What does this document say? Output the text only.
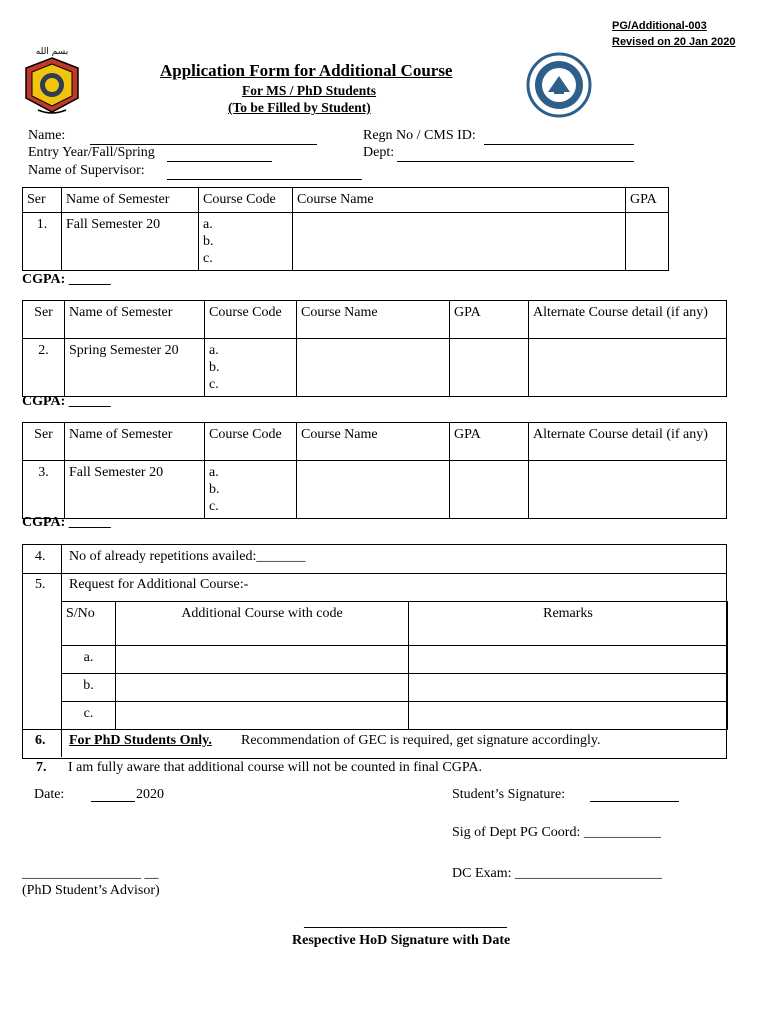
PG/Additional-003
Revised on 20 Jan 2020
بسم الله
Application Form for Additional Course
For MS / PhD Students
(To be Filled by Student)
Name:	Regn No / CMS ID:
Entry Year/Fall/Spring	Dept:
Name of Supervisor:
Ser	Name of Semester	Course Code	Course Name	GPA
1.	Fall Semester 20	a.
b.
c.		

CGPA: ______
Ser	Name of Semester	Course Code	Course Name	GPA	Alternate Course detail (if any)
2.	Spring Semester 20	a.
b.
c.			

CGPA: ______
Ser	Name of Semester	Course Code	Course Name	GPA	Alternate Course detail (if any)
3.	Fall Semester 20	a.
b.
c.			

CGPA: ______
4. No of already repetitions availed:_______
5. Request for Additional Course:-
S/No	Additional Course with code	Remarks
a.		
b.		
c.		
6. For PhD Students Only. Recommendation of GEC is required, get signature accordingly.
7. I am fully aware that additional course will not be counted in final CGPA.
Date:	2020	Student’s Signature:
Sig of Dept PG Coord: ___________
DC Exam: _____________________
_________________ __
(PhD Student’s Advisor)
_____________________________
Respective HoD Signature with Date
